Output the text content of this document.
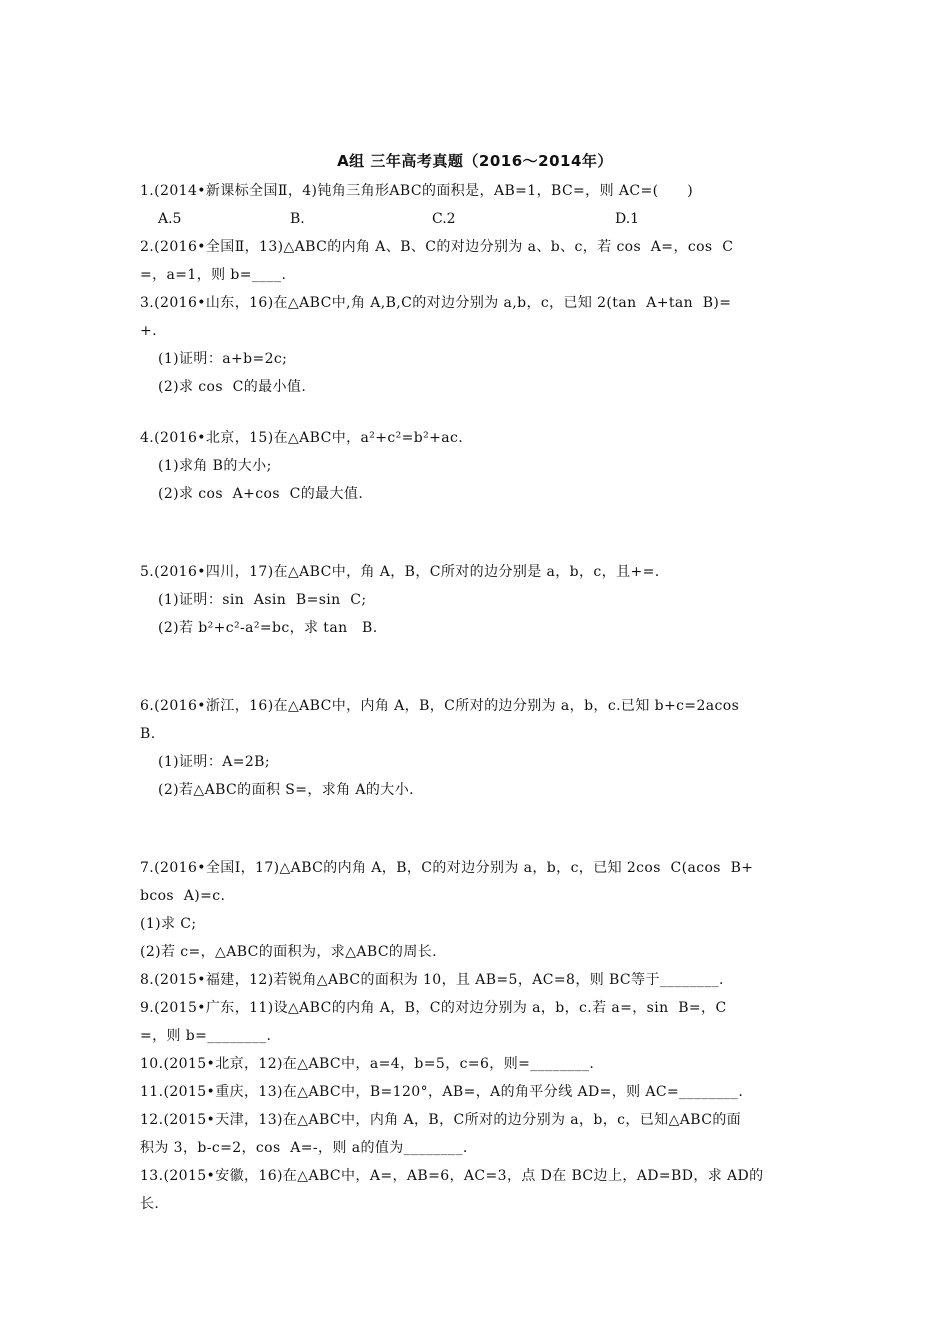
A组 三年高考真题（2016～2014年）
1.(2014•新课标全国Ⅱ，4)钝角三角形ABC的面积是，AB=1，BC=，则 AC=(　　)
A.5	B.	C.2	D.1
2.(2016•全国Ⅱ，13)△ABC的内角 A、B、C的对边分别为 a、b、c，若 cos  A=，cos  C
=，a=1，则 b=____.
3.(2016•山东，16)在△ABC中,角 A,B,C的对边分别为 a,b，c，已知 2(tan  A+tan  B)=
+.
(1)证明：a+b=2c;
(2)求 cos  C的最小值.
4.(2016•北京，15)在△ABC中，a²+c²=b²+ac.
(1)求角 B的大小;
(2)求 cos  A+cos  C的最大值.
5.(2016•四川，17)在△ABC中，角 A，B，C所对的边分别是 a，b，c，且+=.
(1)证明：sin  Asin  B=sin  C;
(2)若 b²+c²-a²=bc，求 tan   B.
6.(2016•浙江，16)在△ABC中，内角 A，B，C所对的边分别为 a，b，c.已知 b+c=2acos
B.
(1)证明：A=2B;
(2)若△ABC的面积 S=，求角 A的大小.
7.(2016•全国Ⅰ，17)△ABC的内角 A，B，C的对边分别为 a，b，c，已知 2cos  C(acos  B+
bcos  A)=c.
(1)求 C;
(2)若 c=，△ABC的面积为，求△ABC的周长.
8.(2015•福建，12)若锐角△ABC的面积为 10，且 AB=5，AC=8，则 BC等于________.
9.(2015•广东，11)设△ABC的内角 A，B，C的对边分别为 a，b，c.若 a=，sin  B=，C
=，则 b=________.
10.(2015•北京，12)在△ABC中，a=4，b=5，c=6，则=________.
11.(2015•重庆，13)在△ABC中，B=120°，AB=，A的角平分线 AD=，则 AC=________.
12.(2015•天津，13)在△ABC中，内角 A，B，C所对的边分别为 a，b，c，已知△ABC的面
积为 3，b-c=2，cos  A=-，则 a的值为________.
13.(2015•安徽，16)在△ABC中，A=，AB=6，AC=3，点 D在 BC边上，AD=BD，求 AD的
长.
